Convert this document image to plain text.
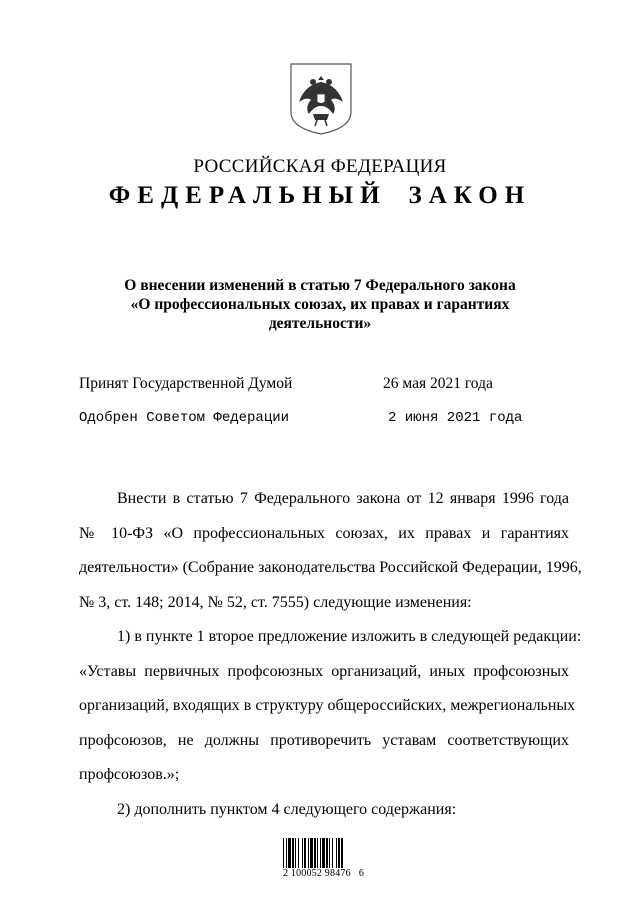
РОССИЙСКАЯ ФЕДЕРАЦИЯ
ФЕДЕРАЛЬНЫЙ ЗАКОН
О внесении изменений в статью 7 Федерального закона
«О профессиональных союзах, их правах и гарантиях
деятельности»
Принят Государственной Думой	26 мая 2021 года
Одобрен Советом Федерации	2 июня 2021 года
Внести в статью 7 Федерального закона от 12 января 1996 года
№ 10-ФЗ «О профессиональных союзах, их правах и гарантиях
деятельности» (Собрание законодательства Российской Федерации, 1996,
№ 3, ст. 148; 2014, № 52, ст. 7555) следующие изменения:
1) в пункте 1 второе предложение изложить в следующей редакции:
«Уставы первичных профсоюзных организаций, иных профсоюзных
организаций, входящих в структуру общероссийских, межрегиональных
профсоюзов, не должны противоречить уставам соответствующих
профсоюзов.»;
2) дополнить пунктом 4 следующего содержания:
2 100052 98476   6
